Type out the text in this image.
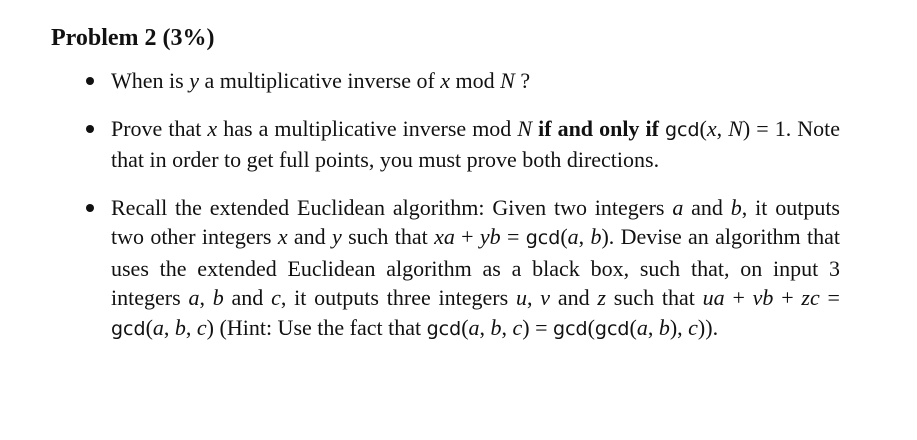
Problem 2 (3%)
When is y a multiplicative inverse of x mod N ?
Prove that x has a multiplicative inverse mod N if and only if gcd(x, N) = 1. Note that in order to get full points, you must prove both directions.
Recall the extended Euclidean algorithm: Given two integers a and b, it outputs two other integers x and y such that xa + yb = gcd(a, b). Devise an algorithm that uses the extended Euclidean algorithm as a black box, such that, on input 3 integers a, b and c, it outputs three integers u, v and z such that ua + vb + zc = gcd(a, b, c) (Hint: Use the fact that gcd(a, b, c) = gcd(gcd(a, b), c)).
